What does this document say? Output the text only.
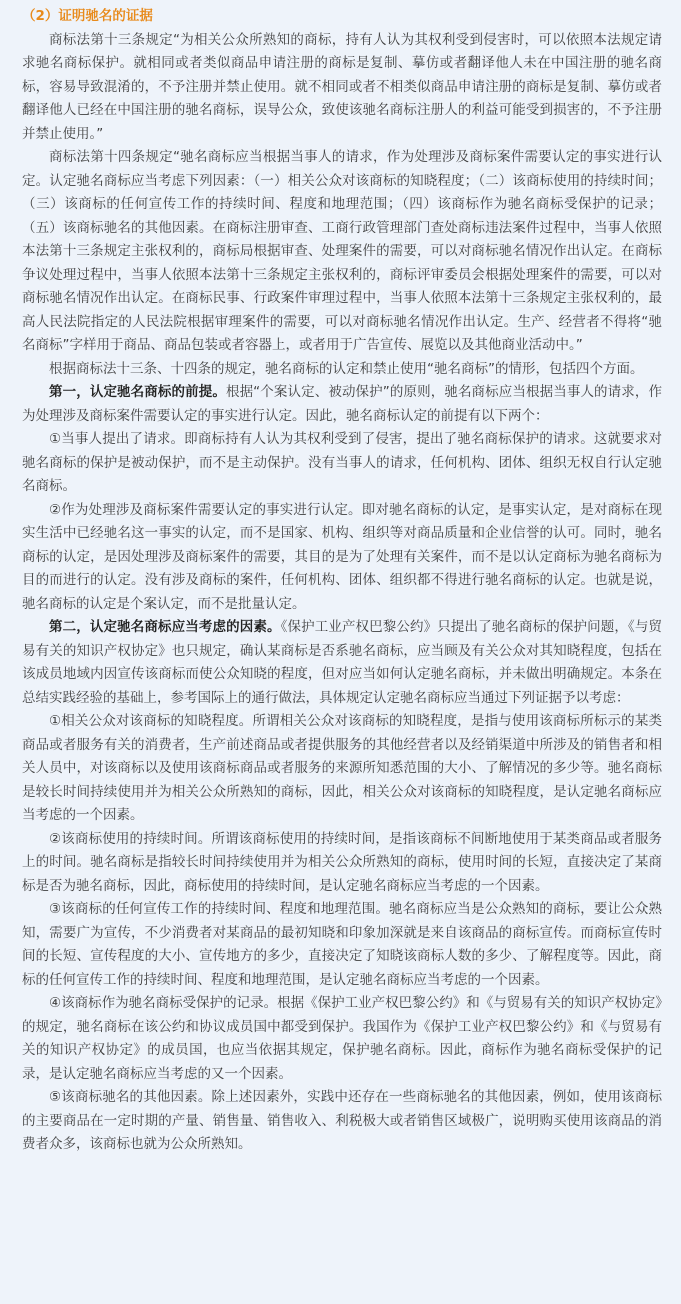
（2）证明驰名的证据

商标法第十三条规定“为相关公众所熟知的商标，持有人认为其权利受到侵害时，可以依照本法规定请求驰名商标保护。就相同或者类似商品申请注册的商标是复制、摹仿或者翻译他人未在中国注册的驰名商标，容易导致混淆的，不予注册并禁止使用。就不相同或者不相类似商品申请注册的商标是复制、摹仿或者翻译他人已经在中国注册的驰名商标，误导公众，致使该驰名商标注册人的利益可能受到损害的，不予注册并禁止使用。”

商标法第十四条规定“驰名商标应当根据当事人的请求，作为处理涉及商标案件需要认定的事实进行认定。认定驰名商标应当考虑下列因素：（一）相关公众对该商标的知晓程度；（二）该商标使用的持续时间；（三）该商标的任何宣传工作的持续时间、程度和地理范围；（四）该商标作为驰名商标受保护的记录；（五）该商标驰名的其他因素。在商标注册审查、工商行政管理部门查处商标违法案件过程中，当事人依照本法第十三条规定主张权利的，商标局根据审查、处理案件的需要，可以对商标驰名情况作出认定。在商标争议处理过程中，当事人依照本法第十三条规定主张权利的，商标评审委员会根据处理案件的需要，可以对商标驰名情况作出认定。在商标民事、行政案件审理过程中，当事人依照本法第十三条规定主张权利的，最高人民法院指定的人民法院根据审理案件的需要，可以对商标驰名情况作出认定。生产、经营者不得将“驰名商标”字样用于商品、商品包装或者容器上，或者用于广告宣传、展览以及其他商业活动中。”

根据商标法十三条、十四条的规定，驰名商标的认定和禁止使用“驰名商标”的情形，包括四个方面。

第一，认定驰名商标的前提。根据“个案认定、被动保护”的原则，驰名商标应当根据当事人的请求，作为处理涉及商标案件需要认定的事实进行认定。因此，驰名商标认定的前提有以下两个：

①当事人提出了请求。即商标持有人认为其权利受到了侵害，提出了驰名商标保护的请求。这就要求对驰名商标的保护是被动保护，而不是主动保护。没有当事人的请求，任何机构、团体、组织无权自行认定驰名商标。

②作为处理涉及商标案件需要认定的事实进行认定。即对驰名商标的认定，是事实认定，是对商标在现实生活中已经驰名这一事实的认定，而不是国家、机构、组织等对商品质量和企业信誉的认可。同时，驰名商标的认定，是因处理涉及商标案件的需要，其目的是为了处理有关案件，而不是以认定商标为驰名商标为目的而进行的认定。没有涉及商标的案件，任何机构、团体、组织都不得进行驰名商标的认定。也就是说，驰名商标的认定是个案认定，而不是批量认定。

第二，认定驰名商标应当考虑的因素。《保护工业产权巴黎公约》只提出了驰名商标的保护问题，《与贸易有关的知识产权协定》也只规定，确认某商标是否系驰名商标，应当顾及有关公众对其知晓程度，包括在该成员地域内因宣传该商标而使公众知晓的程度，但对应当如何认定驰名商标，并未做出明确规定。本条在总结实践经验的基础上，参考国际上的通行做法，具体规定认定驰名商标应当通过下列证据予以考虑：

①相关公众对该商标的知晓程度。所谓相关公众对该商标的知晓程度，是指与使用该商标所标示的某类商品或者服务有关的消费者，生产前述商品或者提供服务的其他经营者以及经销渠道中所涉及的销售者和相关人员中，对该商标以及使用该商标商品或者服务的来源所知悉范围的大小、了解情况的多少等。驰名商标是较长时间持续使用并为相关公众所熟知的商标，因此，相关公众对该商标的知晓程度，是认定驰名商标应当考虑的一个因素。

②该商标使用的持续时间。所谓该商标使用的持续时间，是指该商标不间断地使用于某类商品或者服务上的时间。驰名商标是指较长时间持续使用并为相关公众所熟知的商标，使用时间的长短，直接决定了某商标是否为驰名商标，因此，商标使用的持续时间，是认定驰名商标应当考虑的一个因素。

③该商标的任何宣传工作的持续时间、程度和地理范围。驰名商标应当是公众熟知的商标，要让公众熟知，需要广为宣传，不少消费者对某商品的最初知晓和印象加深就是来自该商品的商标宣传。而商标宣传时间的长短、宣传程度的大小、宣传地方的多少，直接决定了知晓该商标人数的多少、了解程度等。因此，商标的任何宣传工作的持续时间、程度和地理范围，是认定驰名商标应当考虑的一个因素。

④该商标作为驰名商标受保护的记录。根据《保护工业产权巴黎公约》和《与贸易有关的知识产权协定》的规定，驰名商标在该公约和协议成员国中都受到保护。我国作为《保护工业产权巴黎公约》和《与贸易有关的知识产权协定》的成员国，也应当依据其规定，保护驰名商标。因此，商标作为驰名商标受保护的记录，是认定驰名商标应当考虑的又一个因素。

⑤该商标驰名的其他因素。除上述因素外，实践中还存在一些商标驰名的其他因素，例如，使用该商标的主要商品在一定时期的产量、销售量、销售收入、利税极大或者销售区域极广，说明购买使用该商品的消费者众多，该商标也就为公众所熟知。
